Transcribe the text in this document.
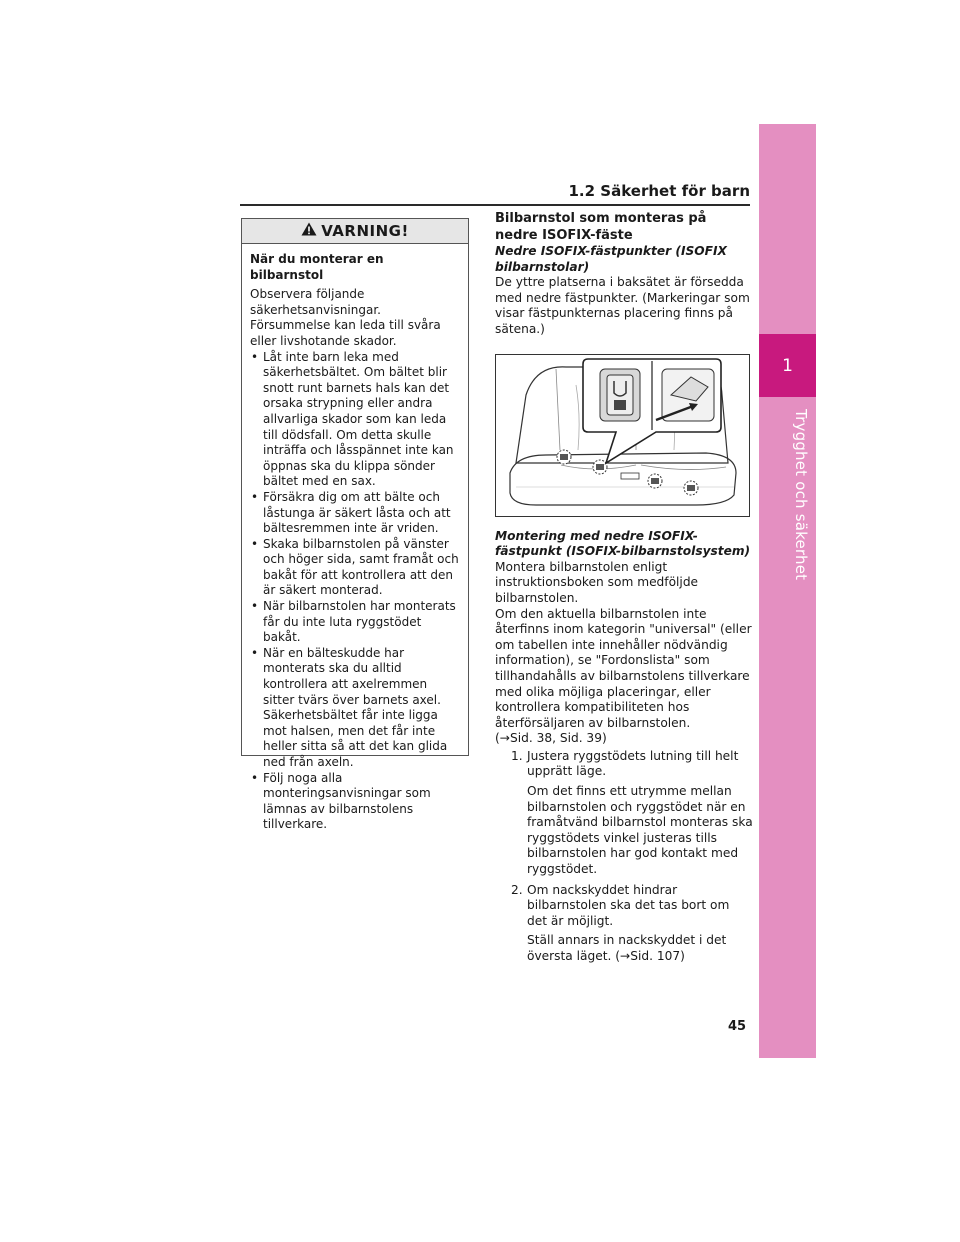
1
Trygghet och säkerhet
1.2 Säkerhet för barn
VARNING!

När du monterar en bilbarnstol

Observera följande säkerhetsanvisningar. Försummelse kan leda till svåra eller livshotande skador.

• Låt inte barn leka med säkerhetsbältet. Om bältet blir snott runt barnets hals kan det orsaka strypning eller andra allvarliga skador som kan leda till dödsfall. Om detta skulle inträffa och låsspännet inte kan öppnas ska du klippa sönder bältet med en sax.
• Försäkra dig om att bälte och låstunga är säkert låsta och att bältesremmen inte är vriden.
• Skaka bilbarnstolen på vänster och höger sida, samt framåt och bakåt för att kontrollera att den är säkert monterad.
• När bilbarnstolen har monterats får du inte luta ryggstödet bakåt.
• När en bälteskudde har monterats ska du alltid kontrollera att axelremmen sitter tvärs över barnets axel. Säkerhetsbältet får inte ligga mot halsen, men det får inte heller sitta så att det kan glida ned från axeln.
• Följ noga alla monteringsanvisningar som lämnas av bilbarnstolens tillverkare.

Bilbarnstol som monteras på nedre ISOFIX-fäste

Nedre ISOFIX-fästpunkter (ISOFIX bilbarnstolar)

De yttre platserna i baksätet är försedda med nedre fästpunkter. (Markeringar som visar fästpunkternas placering finns på sätena.)

Montering med nedre ISOFIX-fästpunkt (ISOFIX-bilbarnstolsystem)

Montera bilbarnstolen enligt instruktionsboken som medföljde bilbarnstolen.

Om den aktuella bilbarnstolen inte återfinns inom kategorin "universal" (eller om tabellen inte innehåller nödvändig information), se "Fordonslista" som tillhandahålls av bilbarnstolens tillverkare med olika möjliga placeringar, eller kontrollera kompatibiliteten hos återförsäljaren av bilbarnstolen.

(→Sid. 38, Sid. 39)

1. Justera ryggstödets lutning till helt upprätt läge.

Om det finns ett utrymme mellan bilbarnstolen och ryggstödet när en framåtvänd bilbarnstol monteras ska ryggstödets vinkel justeras tills bilbarnstolen har god kontakt med ryggstödet.

2. Om nackskyddet hindrar bilbarnstolen ska det tas bort om det är möjligt.

Ställ annars in nackskyddet i det översta läget. (→Sid. 107)

45
